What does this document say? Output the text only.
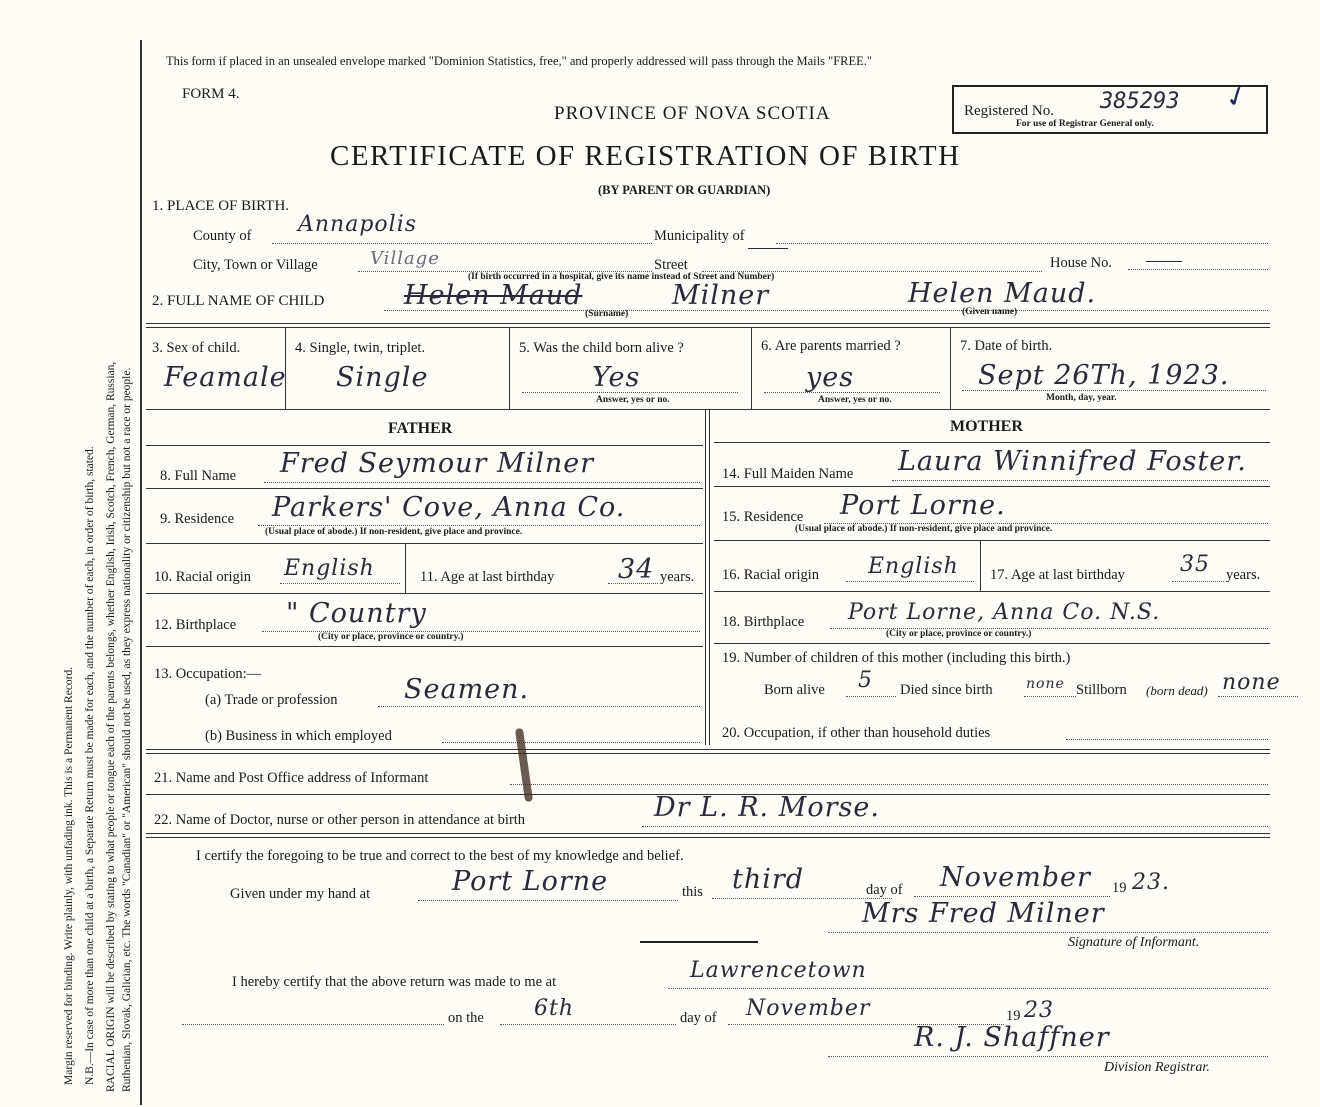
Margin reserved for binding. Write plainly, with unfading ink. This is a Permanent Record. N.B.—In case of more than one child at a birth, a Separate Return must be made for each, and the number of each, in order of birth, stated. RACIAL ORIGIN will be described by stating to what people or tongue each of the parents belongs, whether English, Irish, Scotch, French, German, Russian, Ruthenian, Slovak, Galician, etc. The words "Canadian" or "American" should not be used, as they express nationality or citizenship but not a race or people.
This form if placed in an unsealed envelope marked "Dominion Statistics, free," and properly addressed will pass through the Mails "FREE."
FORM 4.
PROVINCE OF NOVA SCOTIA
CERTIFICATE OF REGISTRATION OF BIRTH
(BY PARENT OR GUARDIAN)
Registered No. 385293
For use of Registrar General only.
✓
1. PLACE OF BIRTH.
County of Annapolis	Municipality of
City, Town or Village	Village	Street	House No.
(If birth occurred in a hospital, give its name instead of Street and Number)
2. FULL NAME OF CHILD	Helen Maud	Milner	Helen Maud.
(Surname)	(Given name)
3. Sex of child.
Feamale
4. Single, twin, triplet.
Single
5. Was the child born alive ?
Yes
Answer, yes or no.
6. Are parents married ?
yes
Answer, yes or no.
7. Date of birth.
Sept 26Th, 1923.
Month, day, year.
FATHER	MOTHER
8. Full Name Fred Seymour Milner
9. Residence Parkers' Cove, Anna Co.
(Usual place of abode.) If non-resident, give place and province.
10. Racial origin English	11. Age at last birthday 34 years.
12. Birthplace " Country
(City or place, province or country.)
13. Occupation:—
(a) Trade or profession Seamen.
(b) Business in which employed
14. Full Maiden Name Laura Winnifred Foster.
15. Residence Port Lorne.
(Usual place of abode.) If non-resident, give place and province.
16. Racial origin English 17. Age at last birthday	35 years.
18. Birthplace Port Lorne, Anna Co. N.S.
(City or place, province or country.)
19. Number of children of this mother (including this birth.)
Born alive 5 Died since birth none Stillborn (born dead) none
20. Occupation, if other than household duties
21. Name and Post Office address of Informant
22. Name of Doctor, nurse or other person in attendance at birth	Dr L. R. Morse.
I certify the foregoing to be true and correct to the best of my knowledge and belief.
Given under my hand at	Port Lorne	this third	day of November 19 23.
Mrs Fred Milner
Signature of Informant.
I hereby certify that the above return was made to me at	Lawrencetown
on the 6th	day of November	19 23
R. J. Shaffner
Division Registrar.
